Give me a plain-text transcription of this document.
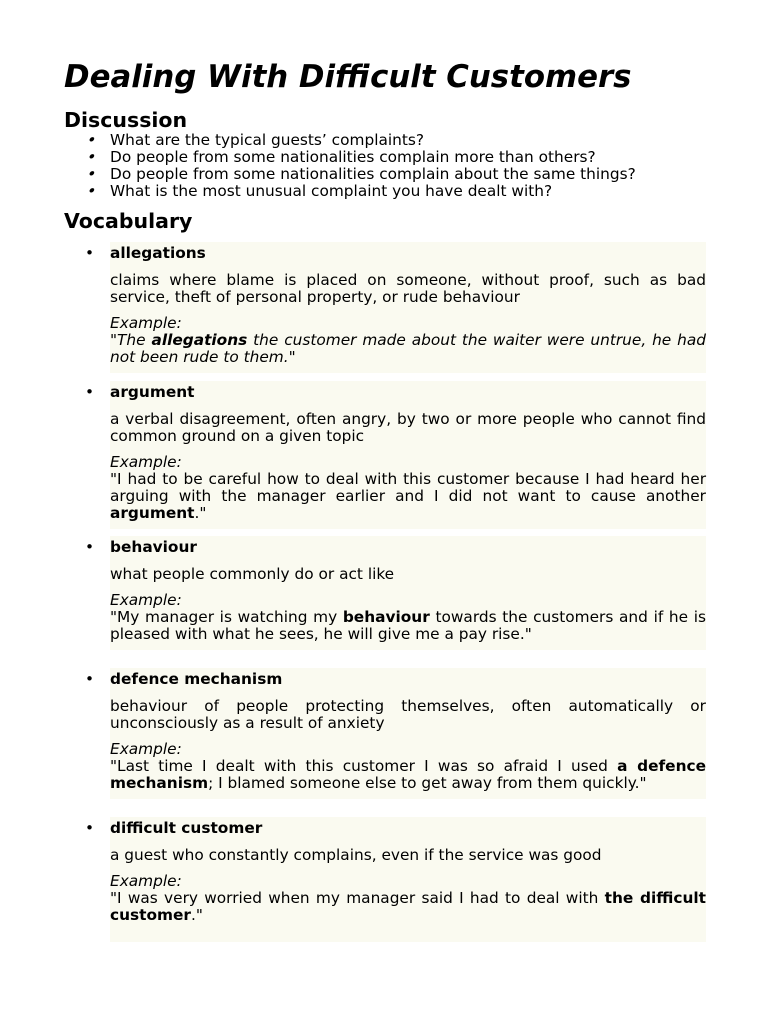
Dealing With Difficult Customers
Discussion
•
What are the typical guests’ complaints?
•
Do people from some nationalities complain more than others?
•
Do people from some nationalities complain about the same things?
•
What is the most unusual complaint you have dealt with?
Vocabulary
•
allegations
claims where blame is placed on someone, without proof, such as bad service, theft of personal property, or rude behaviour
Example:
"The allegations the customer made about the waiter were untrue, he had not been rude to them."
•
argument
a verbal disagreement, often angry, by two or more people who cannot find common ground on a given topic
Example:
"I had to be careful how to deal with this customer because I had heard her arguing with the manager earlier and I did not want to cause another argument."
•
behaviour
what people commonly do or act like
Example:
"My manager is watching my behaviour towards the customers and if he is pleased with what he sees, he will give me a pay rise."
•
defence mechanism
behaviour of people protecting themselves, often automatically or unconsciously as a result of anxiety
Example:
"Last time I dealt with this customer I was so afraid I used a defence mechanism; I blamed someone else to get away from them quickly."
•
difficult customer
a guest who constantly complains, even if the service was good
Example:
"I was very worried when my manager said I had to deal with the difficult customer."
